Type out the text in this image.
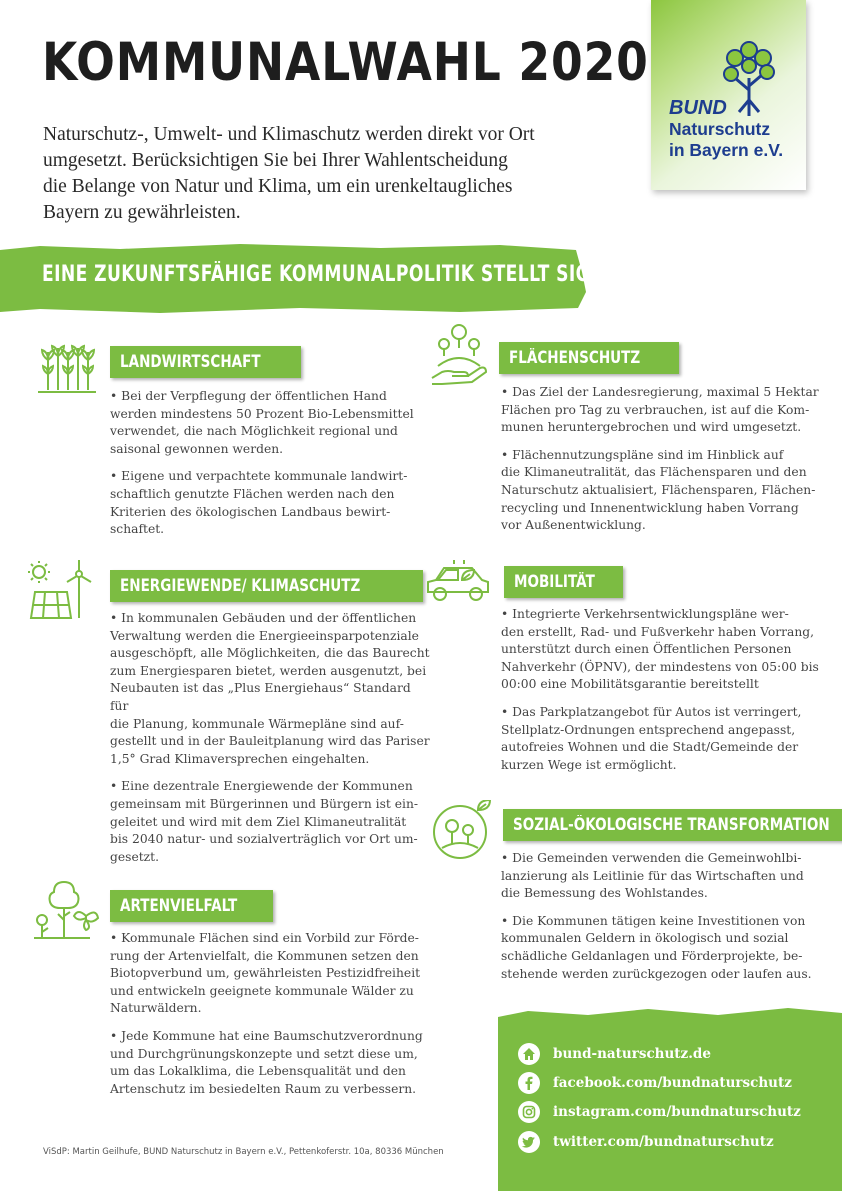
KOMMUNALWAHL 2020
Naturschutz-, Umwelt- und Klimaschutz werden direkt vor Ort
umgesetzt. Berücksichtigen Sie bei Ihrer Wahlentscheidung
die Belange von Natur und Klima, um ein urenkeltaugliches
Bayern zu gewährleisten.
BUND
Naturschutz
in Bayern e.V.
EINE ZUKUNFTSFÄHIGE KOMMUNALPOLITIK STELLT SICHER:
LANDWIRTSCHAFT

• Bei der Verpflegung der öffentlichen Hand
werden mindestens 50 Prozent Bio-Lebensmittel
verwendet, die nach Möglichkeit regional und
saisonal gewonnen werden.

• Eigene und verpachtete kommunale landwirt-
schaftlich genutzte Flächen werden nach den
Kriterien des ökologischen Landbaus bewirt-
schaftet.

FLÄCHENSCHUTZ

• Das Ziel der Landesregierung, maximal 5 Hektar
Flächen pro Tag zu verbrauchen, ist auf die Kom-
munen heruntergebrochen und wird umgesetzt.

• Flächennutzungspläne sind im Hinblick auf
die Klimaneutralität, das Flächensparen und den
Naturschutz aktualisiert, Flächensparen, Flächen-
recycling und Innenentwicklung haben Vorrang
vor Außenentwicklung.

ENERGIEWENDE/ KLIMASCHUTZ

• In kommunalen Gebäuden und der öffentlichen
Verwaltung werden die Energieeinsparpotenziale
ausgeschöpft, alle Möglichkeiten, die das Baurecht
zum Energiesparen bietet, werden ausgenutzt, bei
Neubauten ist das „Plus Energiehaus“ Standard für
die Planung, kommunale Wärmepläne sind auf-
gestellt und in der Bauleitplanung wird das Pariser
1,5° Grad Klimaversprechen eingehalten.

• Eine dezentrale Energiewende der Kommunen
gemeinsam mit Bürgerinnen und Bürgern ist ein-
geleitet und wird mit dem Ziel Klimaneutralität
bis 2040 natur- und sozialverträglich vor Ort um-
gesetzt.

MOBILITÄT

• Integrierte Verkehrsentwicklungspläne wer-
den erstellt, Rad- und Fußverkehr haben Vorrang,
unterstützt durch einen Öffentlichen Personen
Nahverkehr (ÖPNV), der mindestens von 05:00 bis
00:00 eine Mobilitätsgarantie bereitstellt

• Das Parkplatzangebot für Autos ist verringert,
Stellplatz-Ordnungen entsprechend angepasst,
autofreies Wohnen und die Stadt/Gemeinde der
kurzen Wege ist ermöglicht.

SOZIAL-ÖKOLOGISCHE TRANSFORMATION

• Die Gemeinden verwenden die Gemeinwohlbi-
lanzierung als Leitlinie für das Wirtschaften und
die Bemessung des Wohlstandes.

• Die Kommunen tätigen keine Investitionen von
kommunalen Geldern in ökologisch und sozial
schädliche Geldanlagen und Förderprojekte, be-
stehende werden zurückgezogen oder laufen aus.

ARTENVIELFALT

• Kommunale Flächen sind ein Vorbild zur Förde-
rung der Artenvielfalt, die Kommunen setzen den
Biotopverbund um, gewährleisten Pestizidfreiheit
und entwickeln geeignete kommunale Wälder zu
Naturwäldern.

• Jede Kommune hat eine Baumschutzverordnung
und Durchgrünungskonzepte und setzt diese um,
um das Lokalklima, die Lebensqualität und den
Artenschutz im besiedelten Raum zu verbessern.

ViSdP: Martin Geilhufe, BUND Naturschutz in Bayern e.V., Pettenkoferstr. 10a, 80336 München
bund-naturschutz.de
facebook.com/bundnaturschutz
instagram.com/bundnaturschutz
twitter.com/bundnaturschutz
